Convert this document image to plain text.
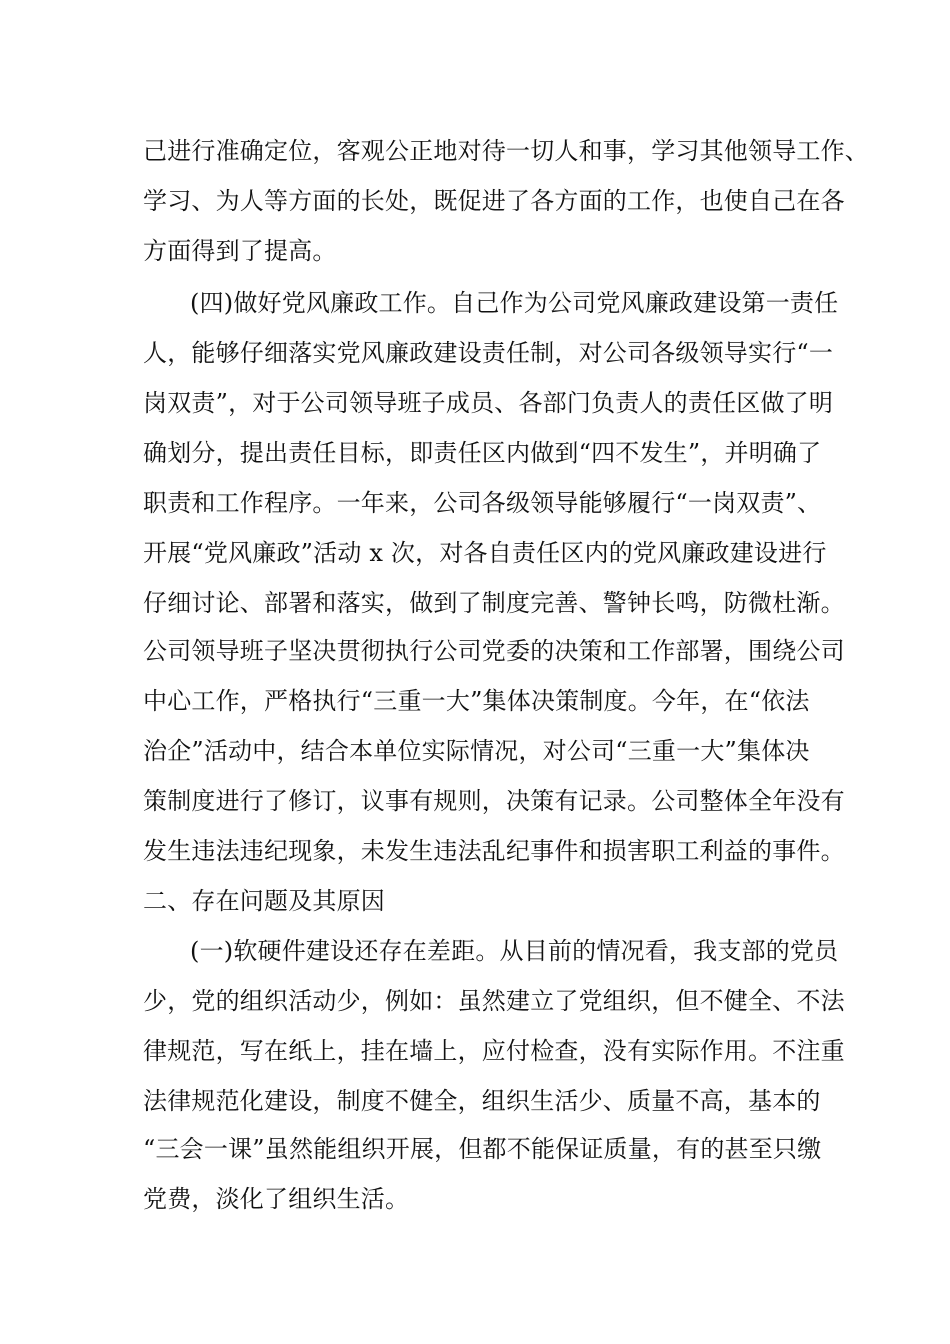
己进行准确定位，客观公正地对待一切人和事，学习其他领导工作、
学习、为人等方面的长处，既促进了各方面的工作，也使自己在各
方面得到了提高。
(四)做好党风廉政工作。自己作为公司党风廉政建设第一责任
人，能够仔细落实党风廉政建设责任制，对公司各级领导实行“一
岗双责”，对于公司领导班子成员、各部门负责人的责任区做了明
确划分，提出责任目标，即责任区内做到“四不发生”，并明确了
职责和工作程序。一年来，公司各级领导能够履行“一岗双责”、
开展“党风廉政”活动 x 次，对各自责任区内的党风廉政建设进行
仔细讨论、部署和落实，做到了制度完善、警钟长鸣，防微杜渐。
公司领导班子坚决贯彻执行公司党委的决策和工作部署，围绕公司
中心工作，严格执行“三重一大”集体决策制度。今年，在“依法
治企”活动中，结合本单位实际情况，对公司“三重一大”集体决
策制度进行了修订，议事有规则，决策有记录。公司整体全年没有
发生违法违纪现象，未发生违法乱纪事件和损害职工利益的事件。
二、存在问题及其原因
(一)软硬件建设还存在差距。从目前的情况看，我支部的党员
少，党的组织活动少，例如：虽然建立了党组织，但不健全、不法
律规范，写在纸上，挂在墙上，应付检查，没有实际作用。不注重
法律规范化建设，制度不健全，组织生活少、质量不高，基本的
“三会一课”虽然能组织开展，但都不能保证质量，有的甚至只缴
党费，淡化了组织生活。
